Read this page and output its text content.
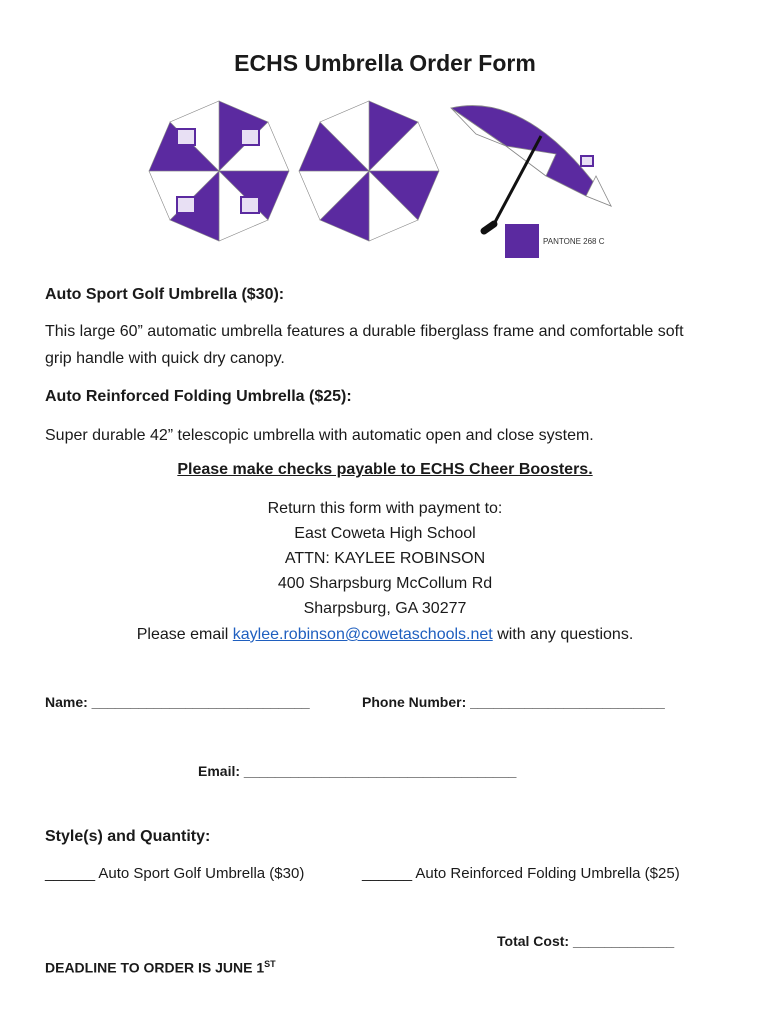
ECHS Umbrella Order Form
PANTONE 268 C
Auto Sport Golf Umbrella ($30):
This large 60” automatic umbrella features a durable fiberglass frame and comfortable soft grip handle with quick dry canopy.
Auto Reinforced Folding Umbrella ($25):
Super durable 42” telescopic umbrella with automatic open and close system.
Please make checks payable to ECHS Cheer Boosters.
Return this form with payment to:
East Coweta High School
ATTN: KAYLEE ROBINSON
400 Sharpsburg McCollum Rd
Sharpsburg, GA 30277
Please email kaylee.robinson@cowetaschools.net with any questions.
Name: ____________________________	Phone Number: _________________________
Email: ___________________________________
Style(s) and Quantity:
______ Auto Sport Golf Umbrella ($30)	______ Auto Reinforced Folding Umbrella ($25)
Total Cost: _____________
DEADLINE TO ORDER IS JUNE 1ST
